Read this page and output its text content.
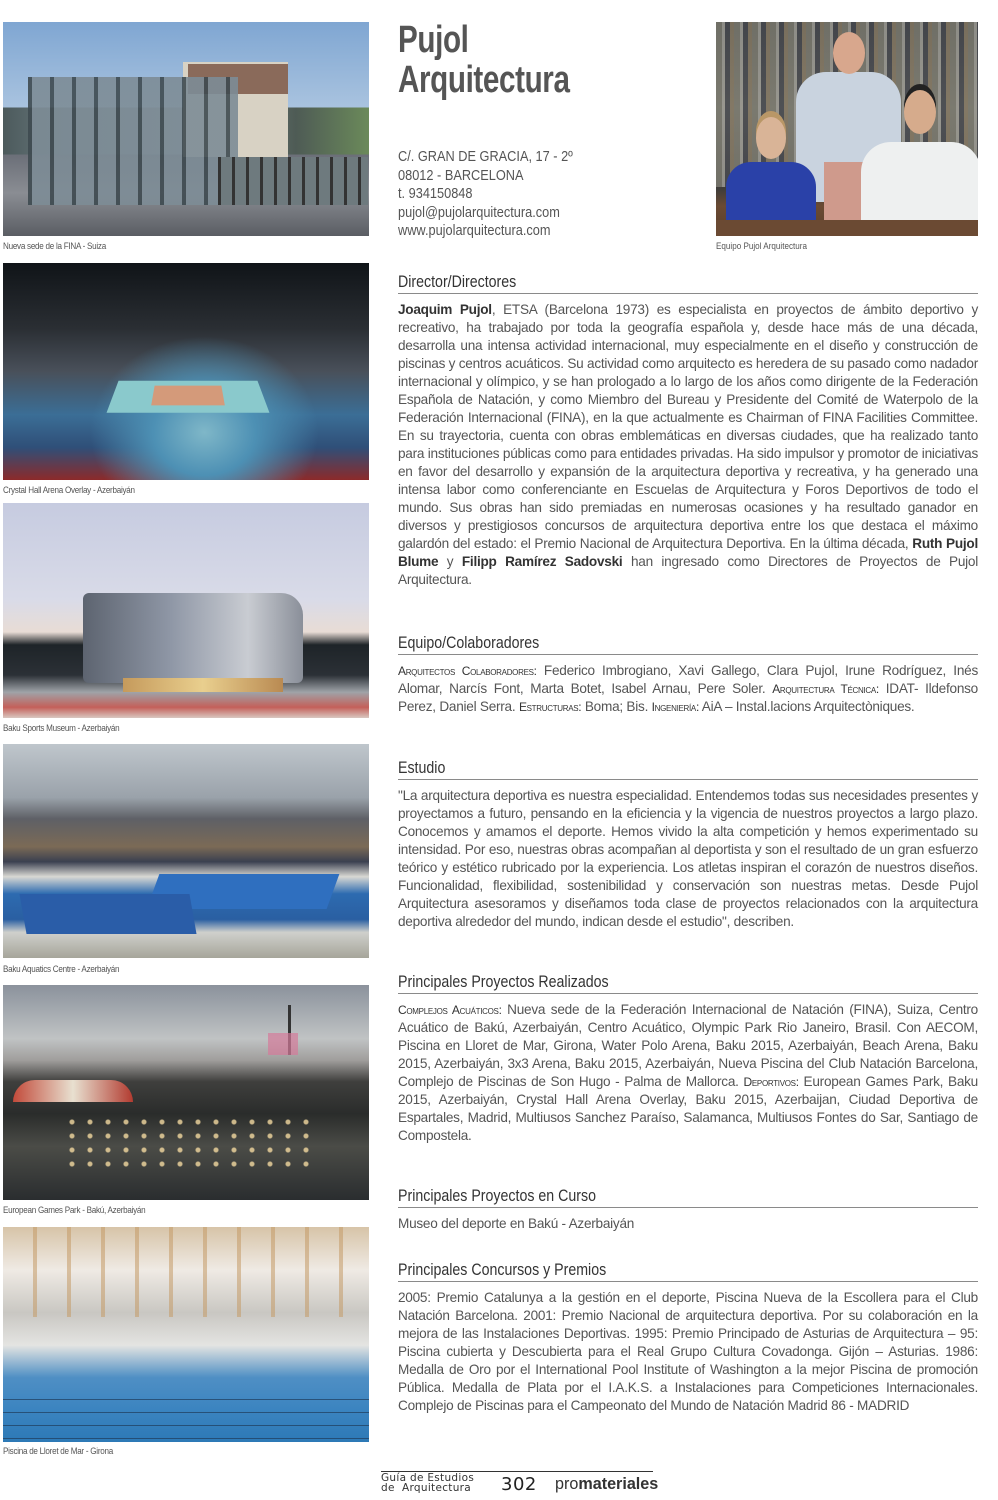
Nueva sede de la FINA - Suiza
Crystal Hall Arena Overlay - Azerbaiyán
Baku Sports Museum - Azerbaiyán
Baku Aquatics Centre - Azerbaiyán
European Games Park - Bakú, Azerbaiyán
Piscina de Lloret de Mar - Girona
Equipo Pujol Arquitectura
Pujol
Arquitectura
C/. GRAN DE GRACIA, 17 - 2º
08012 - BARCELONA
t. 934150848
pujol@pujolarquitectura.com
www.pujolarquitectura.com
Director/Directores

Joaquim Pujol, ETSA (Barcelona 1973) es especialista en proyectos de ámbito deportivo y recreativo, ha trabajado por toda la geografía española y, desde hace más de una década, desarrolla una intensa actividad internacional, muy especialmente en el diseño y construcción de piscinas y centros acuáticos. Su actividad como arquitecto es heredera de su pasado como nadador internacional y olímpico, y se han prologado a lo largo de los años como dirigente de la Federación Española de Natación, y como Miembro del Bureau y Presidente del Comité de Waterpolo de la Federación Internacional (FINA), en la que actualmente es Chairman of FINA Facilities Committee. En su trayectoria, cuenta con obras emblemáticas en diversas ciudades, que ha realizado tanto para instituciones públicas como para entidades privadas. Ha sido impulsor y promotor de iniciativas en favor del desarrollo y expansión de la arquitectura deportiva y recreativa, y ha generado una intensa labor como conferenciante en Escuelas de Arquitectura y Foros Deportivos de todo el mundo. Sus obras han sido premiadas en numerosas ocasiones y ha resultado ganador en diversos y prestigiosos concursos de arquitectura deportiva entre los que destaca el máximo galardón del estado: el Premio Nacional de Arquitectura Deportiva. En la última década, Ruth Pujol Blume y Filipp Ramírez Sadovski han ingresado como Directores de Proyectos de Pujol Arquitectura.

Equipo/Colaboradores

Arquitectos Colaboradores: Federico Imbrogiano, Xavi Gallego, Clara Pujol, Irune Rodríguez, Inés Alomar, Narcís Font, Marta Botet, Isabel Arnau, Pere Soler. Arquitectura Técnica: IDAT- Ildefonso Perez, Daniel Serra. Estructuras: Boma; Bis. Ingeniería: AiA – Instal.lacions Arquitectòniques.

Estudio

"La arquitectura deportiva es nuestra especialidad. Entendemos todas sus necesidades presentes y proyectamos a futuro, pensando en la eficiencia y la vigencia de nuestros proyectos a largo plazo. Conocemos y amamos el deporte. Hemos vivido la alta competición y hemos experimentado su intensidad. Por eso, nuestras obras acompañan al deportista y son el resultado de un gran esfuerzo teórico y estético rubricado por la experiencia. Los atletas inspiran el corazón de nuestros diseños. Funcionalidad, flexibilidad, sostenibilidad y conservación son nuestras metas. Desde Pujol Arquitectura asesoramos y diseñamos toda clase de proyectos relacionados con la arquitectura deportiva alrededor del mundo, indican desde el estudio", describen.

Principales Proyectos Realizados

Complejos Acuáticos: Nueva sede de la Federación Internacional de Natación (FINA), Suiza, Centro Acuático de Bakú, Azerbaiyán, Centro Acuático, Olympic Park Rio Janeiro, Brasil. Con AECOM, Piscina en Lloret de Mar, Girona, Water Polo Arena, Baku 2015, Azerbaiyán, Beach Arena, Baku 2015, Azerbaiyán, 3x3 Arena, Baku 2015, Azerbaiyán, Nueva Piscina del Club Natación Barcelona, Complejo de Piscinas de Son Hugo - Palma de Mallorca. Deportivos: European Games Park, Baku 2015, Azerbaiyán, Crystal Hall Arena Overlay, Baku 2015, Azerbaijan, Ciudad Deportiva de Espartales, Madrid, Multiusos Sanchez Paraíso, Salamanca, Multiusos Fontes do Sar, Santiago de Compostela.

Principales Proyectos en Curso

Museo del deporte en Bakú - Azerbaiyán

Principales Concursos y Premios

2005: Premio Catalunya a la gestión en el deporte, Piscina Nueva de la Escollera para el Club Natación Barcelona. 2001: Premio Nacional de arquitectura deportiva. Por su colaboración en la mejora de las Instalaciones Deportivas. 1995: Premio Principado de Asturias de Arquitectura – 95: Piscina cubierta y Descubierta para el Real Grupo Cultura Covadonga. Gijón – Asturias. 1986: Medalla de Oro por el International Pool Institute of Washington a la mejor Piscina de promoción Pública. Medalla de Plata por el I.A.K.S. a Instalaciones para Competiciones Internacionales. Complejo de Piscinas para el Campeonato del Mundo de Natación Madrid 86 - MADRID

Guía de Estudios
de  Arquitectura 302 promateriales
